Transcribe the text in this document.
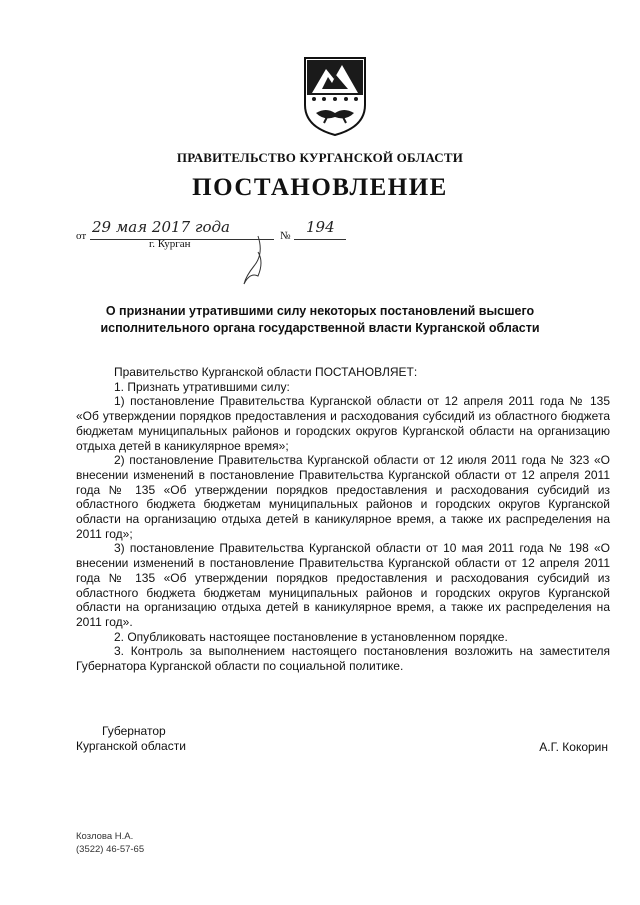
ПРАВИТЕЛЬСТВО КУРГАНСКОЙ ОБЛАСТИ
ПОСТАНОВЛЕНИЕ
от 29 мая 2017 года	№ 194
г. Курган
О признании утратившими силу некоторых постановлений высшего исполнительного органа государственной власти Курганской области

Правительство Курганской области ПОСТАНОВЛЯЕТ:

1. Признать утратившими силу:

1) постановление Правительства Курганской области от 12 апреля 2011 года № 135 «Об утверждении порядков предоставления и расходования субсидий из областного бюджета бюджетам муниципальных районов и городских округов Курганской области на организацию отдыха детей в каникулярное время»;

2) постановление Правительства Курганской области от 12 июля 2011 года № 323 «О внесении изменений в постановление Правительства Курганской области от 12 апреля 2011 года № 135 «Об утверждении порядков предоставления и расходования субсидий из областного бюджета бюджетам муниципальных районов и городских округов Курганской области на организацию отдыха детей в каникулярное время, а также их распределения на 2011 год»;

3) постановление Правительства Курганской области от 10 мая 2011 года № 198 «О внесении изменений в постановление Правительства Курганской области от 12 апреля 2011 года № 135 «Об утверждении порядков предоставления и расходования субсидий из областного бюджета бюджетам муниципальных районов и городских округов Курганской области на организацию отдыха детей в каникулярное время, а также их распределения на 2011 год».

2. Опубликовать настоящее постановление в установленном порядке.

3. Контроль за выполнением настоящего постановления возложить на заместителя Губернатора Курганской области по социальной политике.

Губернатор
Курганской области	А.Г. Кокорин
Козлова Н.А.
(3522) 46-57-65
